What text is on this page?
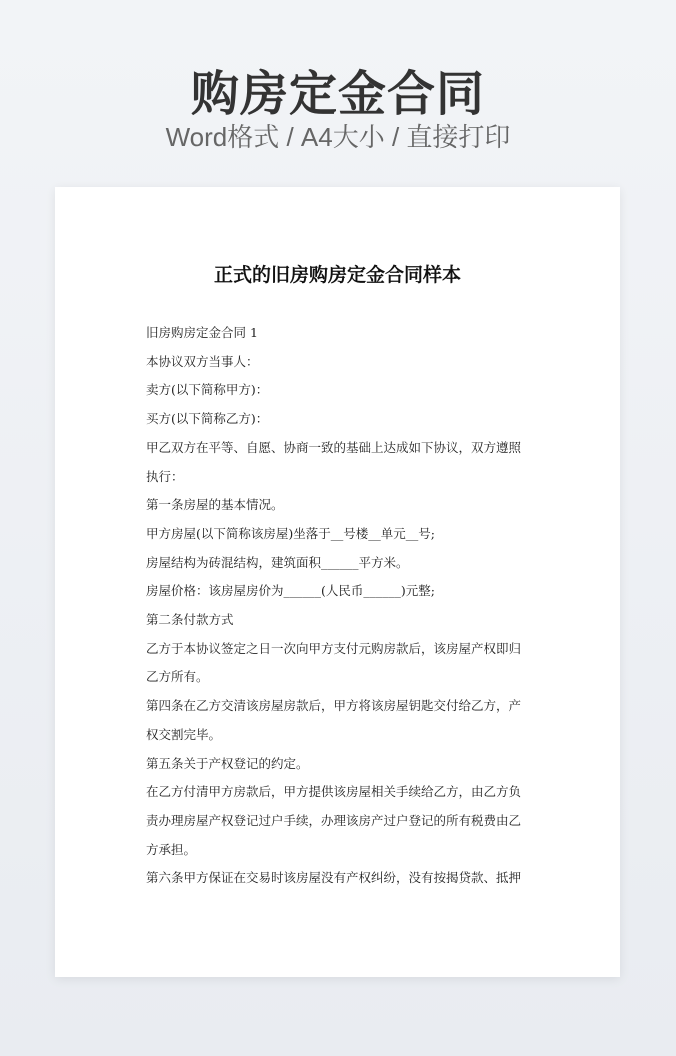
购房定金合同
Word格式 / A4大小 / 直接打印
正式的旧房购房定金合同样本
旧房购房定金合同 1
本协议双方当事人：
卖方(以下简称甲方)：
买方(以下简称乙方)：
甲乙双方在平等、自愿、协商一致的基础上达成如下协议，双方遵照
执行：
第一条房屋的基本情况。
甲方房屋(以下简称该房屋)坐落于__号楼__单元__号;
房屋结构为砖混结构，建筑面积______平方米。
房屋价格：该房屋房价为______(人民币______)元整;
第二条付款方式
乙方于本协议签定之日一次向甲方支付元购房款后，该房屋产权即归
乙方所有。
第四条在乙方交清该房屋房款后，甲方将该房屋钥匙交付给乙方，产
权交割完毕。
第五条关于产权登记的约定。
在乙方付清甲方房款后，甲方提供该房屋相关手续给乙方，由乙方负
责办理房屋产权登记过户手续，办理该房产过户登记的所有税费由乙
方承担。
第六条甲方保证在交易时该房屋没有产权纠纷，没有按揭贷款、抵押
